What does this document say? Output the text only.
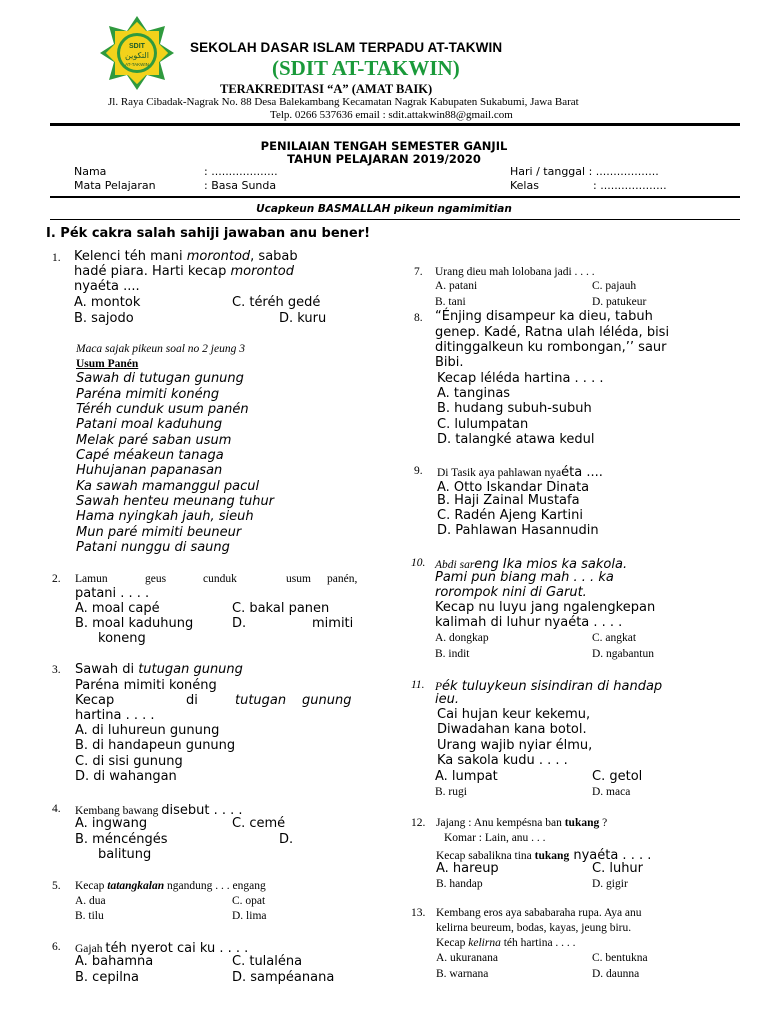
SDIT
التكوين
AT-TAKWIN
SEKOLAH DASAR ISLAM TERPADU AT-TAKWIN
(SDIT AT-TAKWIN)
TERAKREDITASI “A” (AMAT BAIK)
Jl. Raya Cibadak-Nagrak No. 88 Desa Balekambang Kecamatan Nagrak Kabupaten Sukabumi, Jawa Barat
Telp. 0266 537636 email : sdit.attakwin88@gmail.com
PENILAIAN TENGAH SEMESTER GANJIL
TAHUN PELAJARAN 2019/2020
Nama	: ...................	Hari / tanggal : ..................
Mata Pelajaran	: Basa Sunda	Kelas	: ...................
Ucapkeun BASMALLAH pikeun ngamimitian
I. Pék cakra salah sahiji jawaban anu bener!
1. Kelenci téh mani morontod, sabab
hadé piara. Harti kecap morontod
nyaéta ....
A. montok	C. téréh gedé
B. sajodo	D. kuru
Maca sajak pikeun soal no 2 jeung 3
Usum Panén
Sawah di tutugan gunung
Paréna mimiti konéng
Téréh cunduk usum panén
Patani moal kaduhung
Melak paré saban usum
Capé méakeun tanaga
Huhujanan papanasan
Ka sawah mamanggul pacul
Sawah henteu meunang tuhur
Hama nyingkah jauh, sieuh
Mun paré mimiti beuneur
Patani nunggu di saung
2. Lamun	geus	cunduk	usum panén,
patani . . . .
A. moal capé	C. bakal panen
B. moal kaduhung	D.	mimiti
koneng
3. Sawah di tutugan gunung
Paréna mimiti konéng
Kecap	di	tutugan gunung
hartina . . . .
A. di luhureun gunung
B. di handapeun gunung
C. di sisi gunung
D. di wahangan
4. Kembang bawang disebut . . . .
A. ingwang	C. cemé
B. méncéngés	D.
balitung
5. Kecap tatangkalan ngandung . . . engang
A. dua	C. opat
B. tilu	D. lima
6. Gajah téh nyerot cai ku . . . .
A. bahamna	C. tulaléna
B. cepilna	D. sampéanana
7. Urang dieu mah lolobana jadi . . . .
A. patani	C. pajauh
B. tani	D. patukeur
8. “Énjing disampeur ka dieu, tabuh
genep. Kadé, Ratna ulah léléda, bisi
ditinggalkeun ku rombongan,’’ saur
Bibi.
Kecap léléda hartina . . . .
A. tanginas
B. hudang subuh-subuh
C. lulumpatan
D. talangké atawa kedul
9. Di Tasik aya pahlawan nyaéta ....
A. Otto Iskandar Dinata
B. Haji Zainal Mustafa
C. Radén Ajeng Kartini
D. Pahlawan Hasannudin
10. Abdi sareng Ika mios ka sakola.
Pami pun biang mah . . . ka
rorompok nini di Garut.
Kecap nu luyu jang ngalengkepan
kalimah di luhur nyaéta . . . .
A. dongkap	C. angkat
B. indit	D. ngabantun
11. Pék tuluykeun sisindiran di handap
ieu.
Cai hujan keur kekemu,
Diwadahan kana botol.
Urang wajib nyiar élmu,
Ka sakola kudu . . . .
A. lumpat	C. getol
B. rugi	D. maca
12. Jajang : Anu kempésna ban tukang ?
Komar : Lain, anu . . .
Kecap sabalikna tina tukang nyaéta . . . .
A. hareup	C. luhur
B. handap	D. gigir
13. Kembang eros aya sababaraha rupa. Aya anu
kelirna beureum, bodas, kayas, jeung biru.
Kecap kelirna téh hartina . . . .
A. ukuranana	C. bentukna
B. warnana	D. daunna
